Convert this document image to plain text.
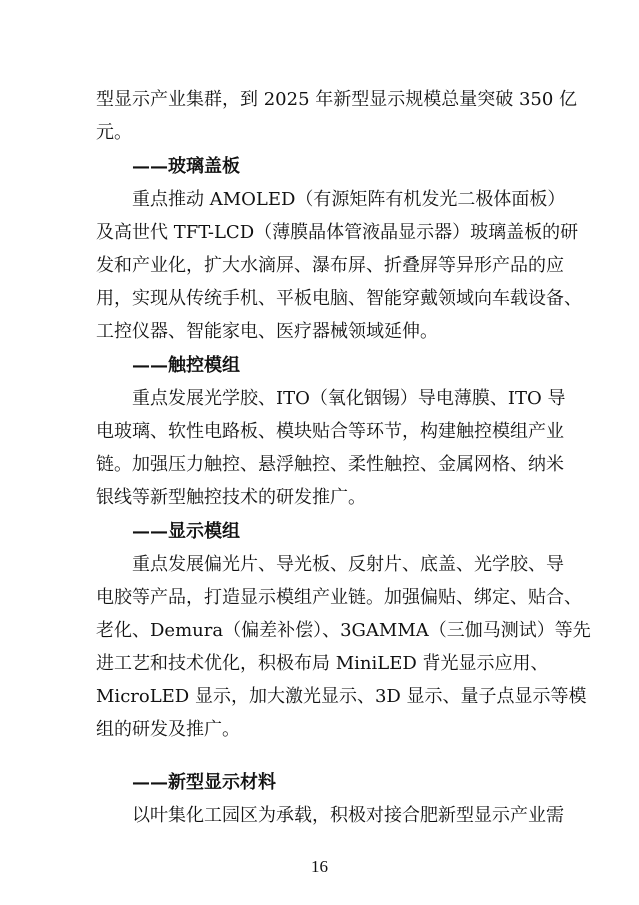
型显示产业集群，到 2025 年新型显示规模总量突破 350 亿
元。
——玻璃盖板
　　重点推动 AMOLED（有源矩阵有机发光二极体面板）
及高世代 TFT-LCD（薄膜晶体管液晶显示器）玻璃盖板的研
发和产业化，扩大水滴屏、瀑布屏、折叠屏等异形产品的应
用，实现从传统手机、平板电脑、智能穿戴领域向车载设备、
工控仪器、智能家电、医疗器械领域延伸。
——触控模组
　　重点发展光学胶、ITO（氧化铟锡）导电薄膜、ITO 导
电玻璃、软性电路板、模块贴合等环节，构建触控模组产业
链。加强压力触控、悬浮触控、柔性触控、金属网格、纳米
银线等新型触控技术的研发推广。
——显示模组
　　重点发展偏光片、导光板、反射片、底盖、光学胶、导
电胶等产品，打造显示模组产业链。加强偏贴、绑定、贴合、
老化、Demura（偏差补偿）、3GAMMA（三伽马测试）等先
进工艺和技术优化，积极布局 MiniLED 背光显示应用、
MicroLED 显示，加大激光显示、3D 显示、量子点显示等模
组的研发及推广。
——新型显示材料
　　以叶集化工园区为承载，积极对接合肥新型显示产业需
16
